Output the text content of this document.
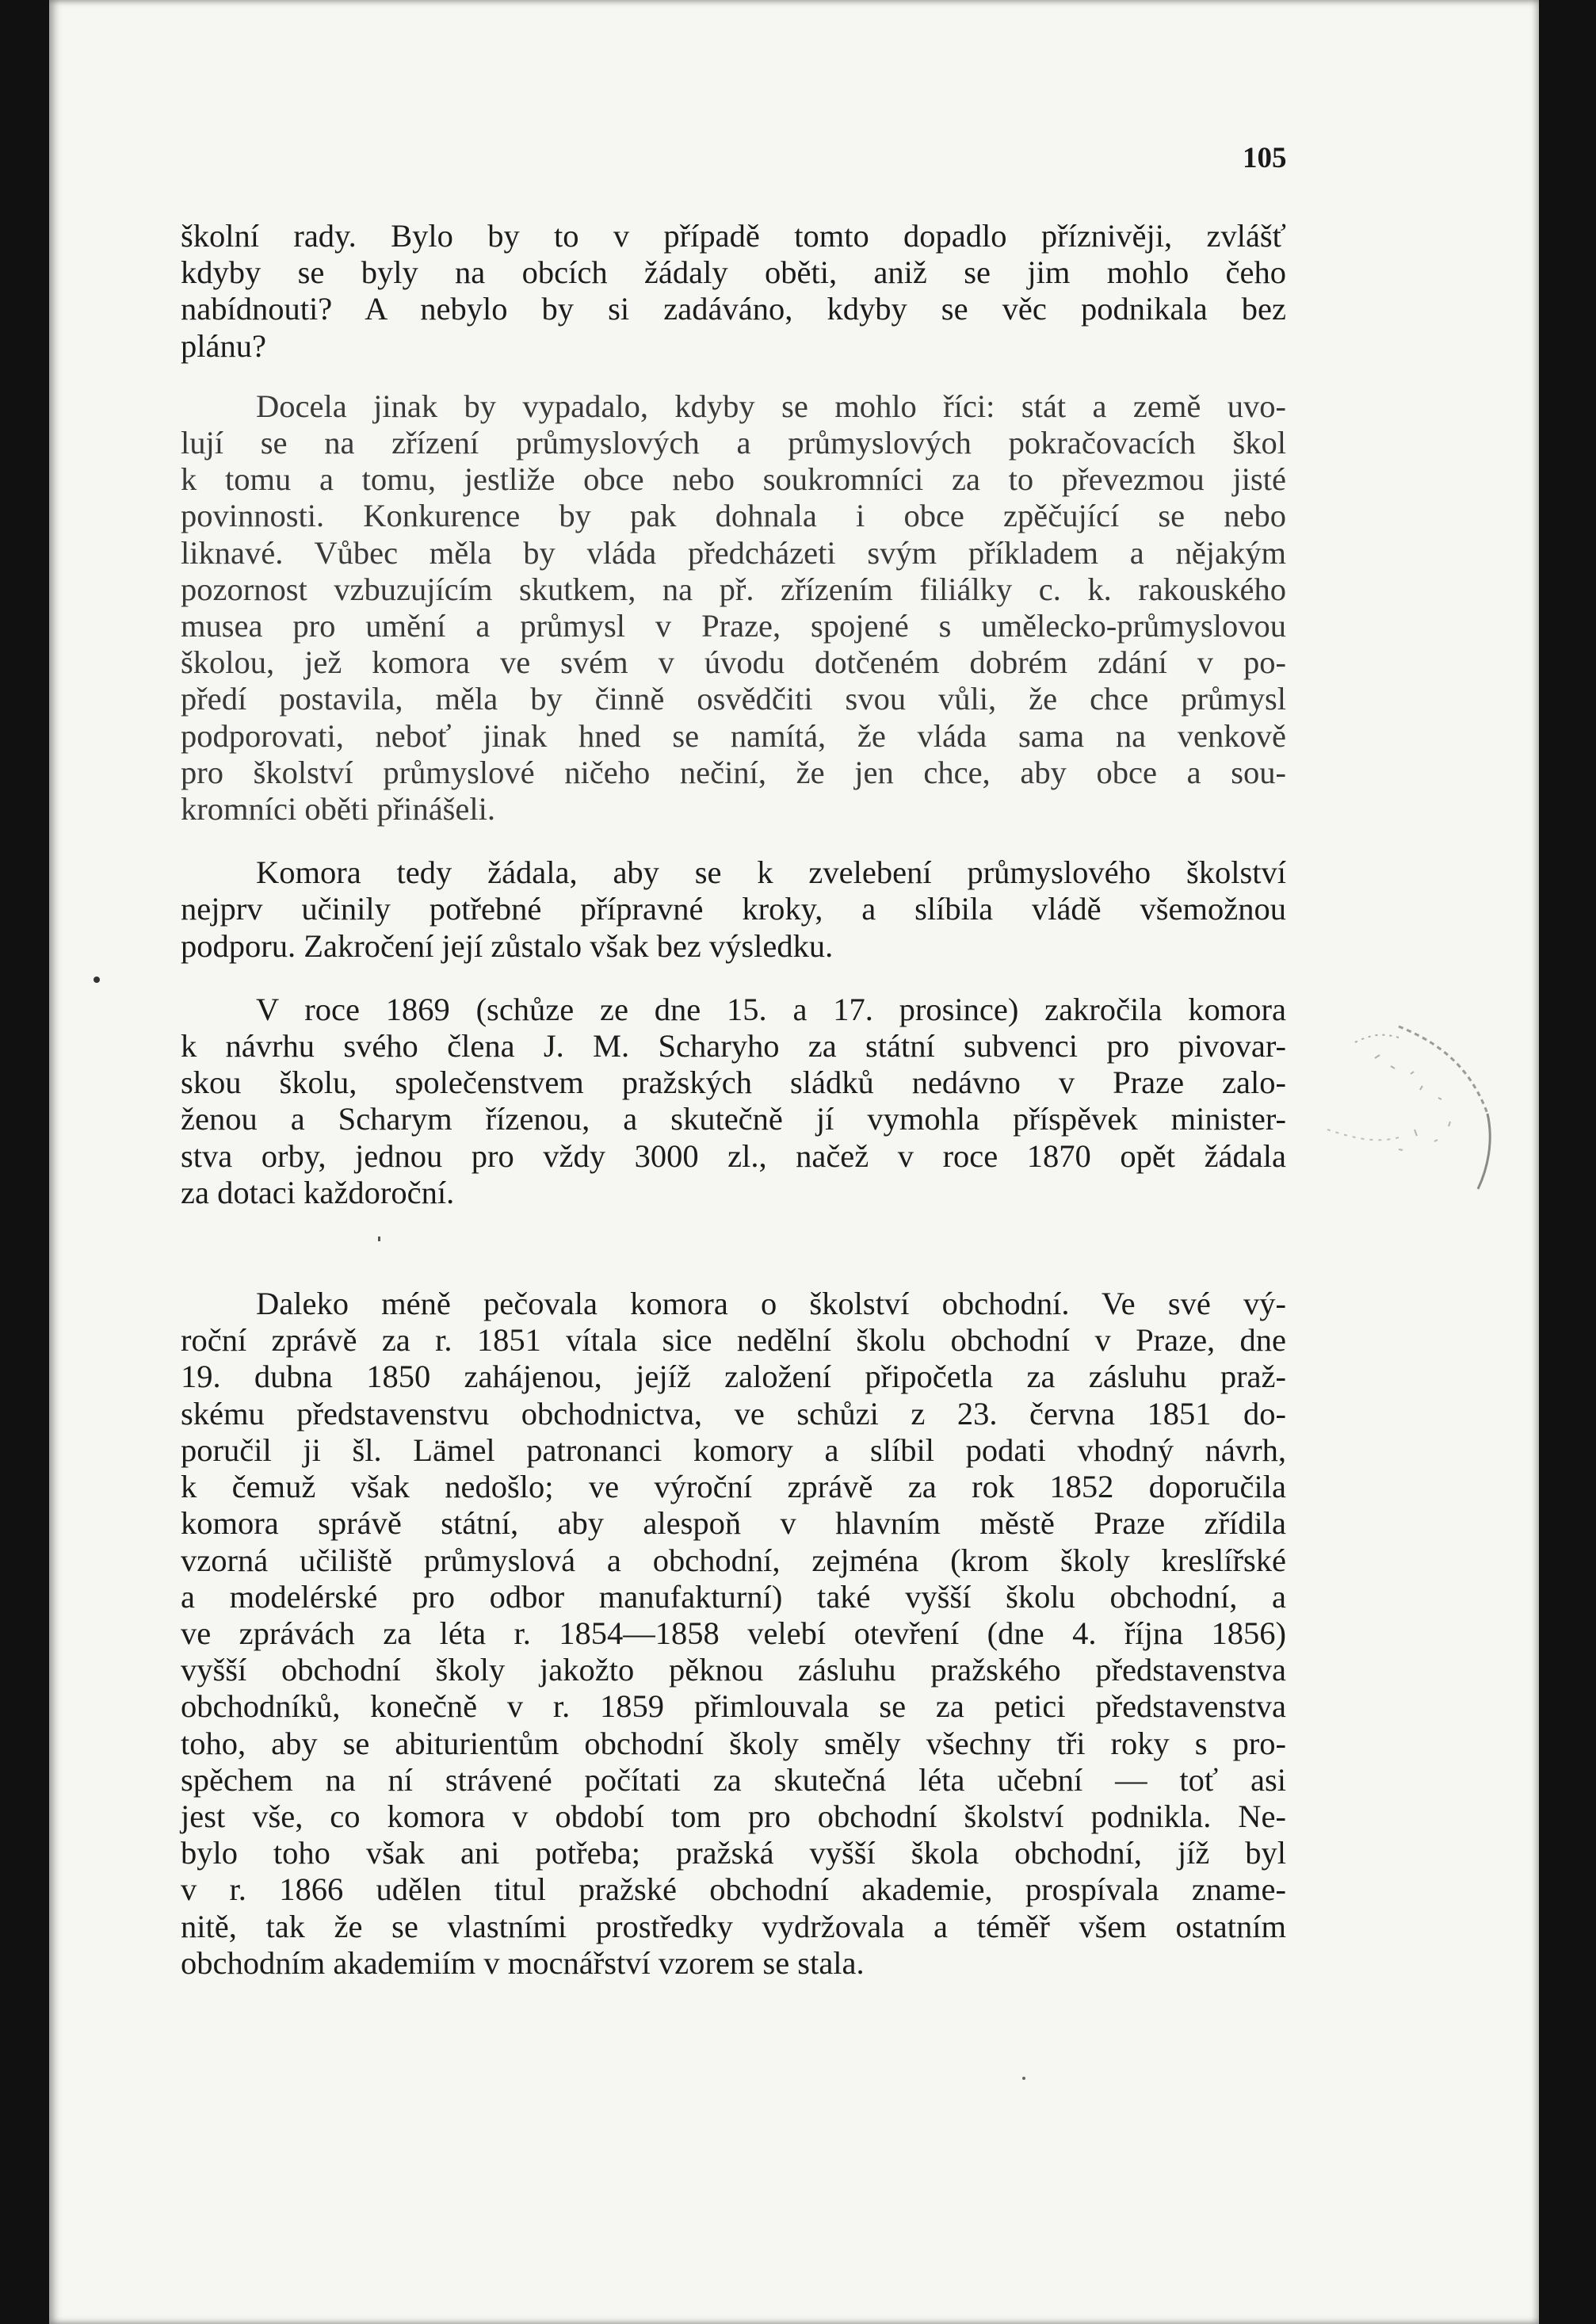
105

školní rady. Bylo by to v případě tomto dopadlo příznivěji, zvlášť
kdyby se byly na obcích žádaly oběti, aniž se jim mohlo čeho
nabídnouti? A nebylo by si zadáváno, kdyby se věc podnikala bez
plánu?

Docela jinak by vypadalo, kdyby se mohlo říci: stát a země uvo-
lují se na zřízení průmyslových a průmyslových pokračovacích škol
k tomu a tomu, jestliže obce nebo soukromníci za to převezmou jisté
povinnosti. Konkurence by pak dohnala i obce zpěčující se nebo
liknavé. Vůbec měla by vláda předcházeti svým příkladem a nějakým
pozornost vzbuzujícím skutkem, na př. zřízením filiálky c. k. rakouského
musea pro umění a průmysl v Praze, spojené s umělecko-průmyslovou
školou, jež komora ve svém v úvodu dotčeném dobrém zdání v po-
předí postavila, měla by činně osvědčiti svou vůli, že chce průmysl
podporovati, neboť jinak hned se namítá, že vláda sama na venkově
pro školství průmyslové ničeho nečiní, že jen chce, aby obce a sou-
kromníci oběti přinášeli.

Komora tedy žádala, aby se k zvelebení průmyslového školství
nejprv učinily potřebné přípravné kroky, a slíbila vládě všemožnou
podporu. Zakročení její zůstalo však bez výsledku.

V roce 1869 (schůze ze dne 15. a 17. prosince) zakročila komora
k návrhu svého člena J. M. Scharyho za státní subvenci pro pivovar-
skou školu, společenstvem pražských sládků nedávno v Praze zalo-
ženou a Scharym řízenou, a skutečně jí vymohla příspěvek minister-
stva orby, jednou pro vždy 3000 zl., načež v roce 1870 opět žádala
za dotaci každoroční.

Daleko méně pečovala komora o školství obchodní. Ve své vý-
roční zprávě za r. 1851 vítala sice nedělní školu obchodní v Praze, dne
19. dubna 1850 zahájenou, jejíž založení připočetla za zásluhu praž-
skému představenstvu obchodnictva, ve schůzi z 23. června 1851 do-
poručil ji šl. Lämel patronanci komory a slíbil podati vhodný návrh,
k čemuž však nedošlo; ve výroční zprávě za rok 1852 doporučila
komora správě státní, aby alespoň v hlavním městě Praze zřídila
vzorná učiliště průmyslová a obchodní, zejména (krom školy kreslířské
a modelérské pro odbor manufakturní) také vyšší školu obchodní, a
ve zprávách za léta r. 1854—1858 velebí otevření (dne 4. října 1856)
vyšší obchodní školy jakožto pěknou zásluhu pražského představenstva
obchodníků, konečně v r. 1859 přimlouvala se za petici představenstva
toho, aby se abiturientům obchodní školy směly všechny tři roky s pro-
spěchem na ní strávené počítati za skutečná léta učební — toť asi
jest vše, co komora v období tom pro obchodní školství podnikla. Ne-
bylo toho však ani potřeba; pražská vyšší škola obchodní, jíž byl
v r. 1866 udělen titul pražské obchodní akademie, prospívala zname-
nitě, tak že se vlastními prostředky vydržovala a téměř všem ostatním
obchodním akademiím v mocnářství vzorem se stala.
